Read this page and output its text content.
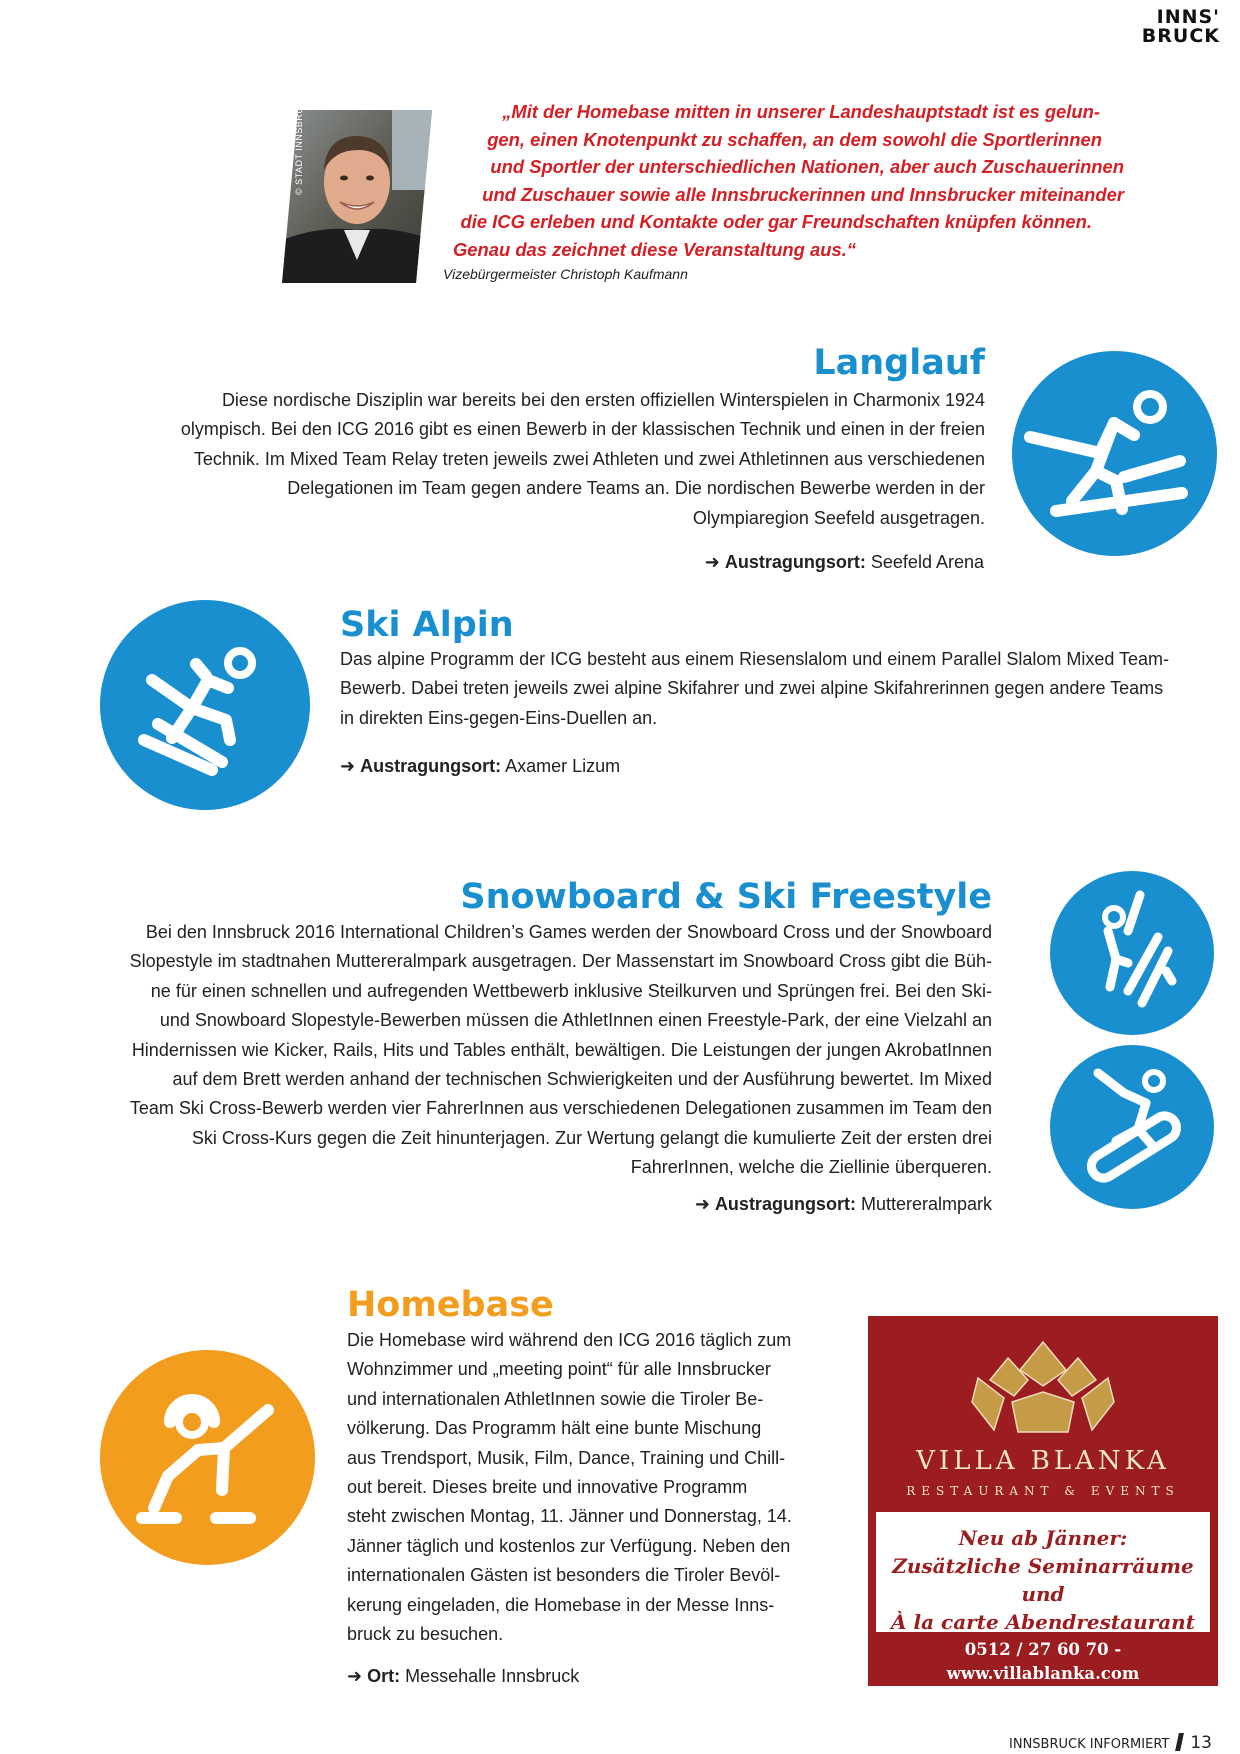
INNS'
BRUCK
© STADT INNSBRUCK	„Mit der Homebase mitten in unserer Landeshauptstadt ist es gelun-
gen, einen Knotenpunkt zu schaffen, an dem sowohl die Sportlerinnen
und Sportler der unterschiedlichen Nationen, aber auch Zuschauerinnen
und Zuschauer sowie alle Innsbruckerinnen und Innsbrucker miteinander
die ICG erleben und Kontakte oder gar Freundschaften knüpfen können.
Genau das zeichnet diese Veranstaltung aus.“
Vizebürgermeister Christoph Kaufmann
Langlauf
Diese nordische Disziplin war bereits bei den ersten offiziellen Winterspielen in Charmonix 1924
olympisch. Bei den ICG 2016 gibt es einen Bewerb in der klassischen Technik und einen in der freien
Technik. Im Mixed Team Relay treten jeweils zwei Athleten und zwei Athletinnen aus verschiedenen
Delegationen im Team gegen andere Teams an. Die nordischen Bewerbe werden in der
Olympiaregion Seefeld ausgetragen.
➜ Austragungsort: Seefeld Arena
Ski Alpin
Das alpine Programm der ICG besteht aus einem Riesenslalom und einem Parallel Slalom Mixed Team-
Bewerb. Dabei treten jeweils zwei alpine Skifahrer und zwei alpine Skifahrerinnen gegen andere Teams
in direkten Eins-gegen-Eins-Duellen an.
➜ Austragungsort: Axamer Lizum
Snowboard & Ski Freestyle
Bei den Innsbruck 2016 International Children’s Games werden der Snowboard Cross und der Snowboard
Slopestyle im stadtnahen Muttereralmpark ausgetragen. Der Massenstart im Snowboard Cross gibt die Büh-
ne für einen schnellen und aufregenden Wettbewerb inklusive Steilkurven und Sprüngen frei. Bei den Ski-
und Snowboard Slopestyle-Bewerben müssen die AthletInnen einen Freestyle-Park, der eine Vielzahl an
Hindernissen wie Kicker, Rails, Hits und Tables enthält, bewältigen. Die Leistungen der jungen AkrobatInnen
auf dem Brett werden anhand der technischen Schwierigkeiten und der Ausführung bewertet. Im Mixed
Team Ski Cross-Bewerb werden vier FahrerInnen aus verschiedenen Delegationen zusammen im Team den
Ski Cross-Kurs gegen die Zeit hinunterjagen. Zur Wertung gelangt die kumulierte Zeit der ersten drei
FahrerInnen, welche die Ziellinie überqueren.
➜ Austragungsort: Muttereralmpark
Homebase
Die Homebase wird während den ICG 2016 täglich zum
Wohnzimmer und „meeting point“ für alle Innsbrucker
und internationalen AthletInnen sowie die Tiroler Be-
völkerung. Das Programm hält eine bunte Mischung
aus Trendsport, Musik, Film, Dance, Training und Chill-
out bereit. Dieses breite und innovative Programm
steht zwischen Montag, 11. Jänner und Donnerstag, 14.
Jänner täglich und kostenlos zur Verfügung. Neben den
internationalen Gästen ist besonders die Tiroler Bevöl-
kerung eingeladen, die Homebase in der Messe Inns-
bruck zu besuchen.
➜ Ort: Messehalle Innsbruck
VILLA BLANKA
RESTAURANT & EVENTS
Neu ab Jänner:
Zusätzliche Seminarräume und
À la carte Abendrestaurant
0512 / 27 60 70 - www.villablanka.com
Kostenlose Tiefgarage!
INNSBRUCK INFORMIERT 13
